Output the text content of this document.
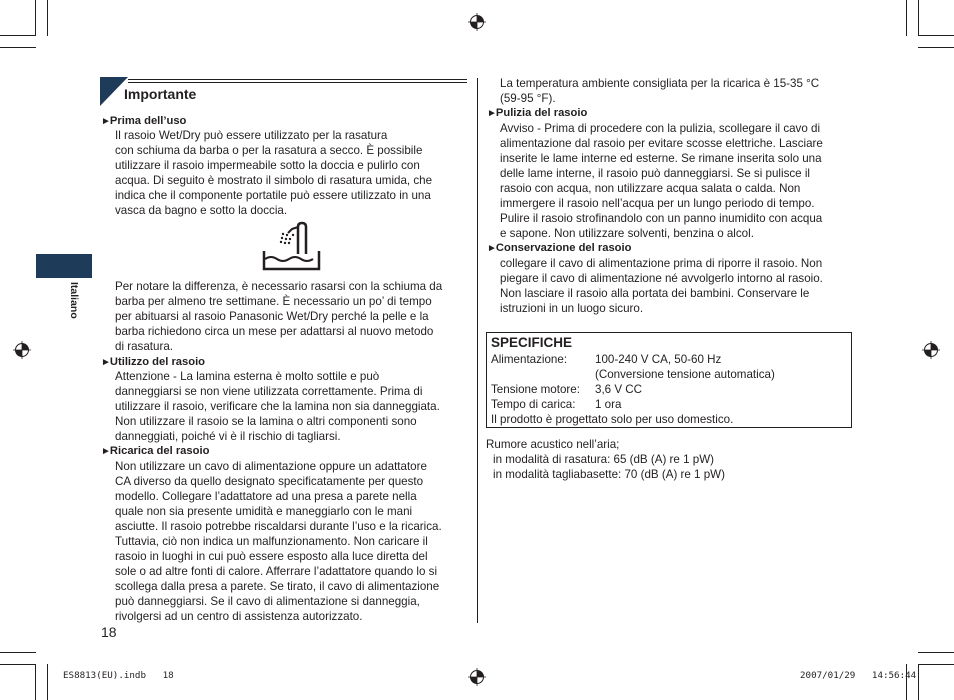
Italiano
Importante
►Prima dell’uso
Il rasoio Wet/Dry può essere utilizzato per la rasatura
con schiuma da barba o per la rasatura a secco. È possibile
utilizzare il rasoio impermeabile sotto la doccia e pulirlo con
acqua. Di seguito è mostrato il simbolo di rasatura umida, che
indica che il componente portatile può essere utilizzato in una
vasca da bagno e sotto la doccia.
Per notare la differenza, è necessario rasarsi con la schiuma da
barba per almeno tre settimane. È necessario un po’ di tempo
per abituarsi al rasoio Panasonic Wet/Dry perché la pelle e la
barba richiedono circa un mese per adattarsi al nuovo metodo
di rasatura.
►Utilizzo del rasoio
Attenzione - La lamina esterna è molto sottile e può
danneggiarsi se non viene utilizzata correttamente. Prima di
utilizzare il rasoio, verificare che la lamina non sia danneggiata.
Non utilizzare il rasoio se la lamina o altri componenti sono
danneggiati, poiché vi è il rischio di tagliarsi.
►Ricarica del rasoio
Non utilizzare un cavo di alimentazione oppure un adattatore
CA diverso da quello designato specificatamente per questo
modello. Collegare l’adattatore ad una presa a parete nella
quale non sia presente umidità e maneggiarlo con le mani
asciutte. Il rasoio potrebbe riscaldarsi durante l’uso e la ricarica.
Tuttavia, ciò non indica un malfunzionamento. Non caricare il
rasoio in luoghi in cui può essere esposto alla luce diretta del
sole o ad altre fonti di calore. Afferrare l’adattatore quando lo si
scollega dalla presa a parete. Se tirato, il cavo di alimentazione
può danneggiarsi. Se il cavo di alimentazione si danneggia,
rivolgersi ad un centro di assistenza autorizzato.
18
La temperatura ambiente consigliata per la ricarica è 15-35 °C
(59-95 °F).
►Pulizia del rasoio
Avviso - Prima di procedere con la pulizia, scollegare il cavo di
alimentazione dal rasoio per evitare scosse elettriche. Lasciare
inserite le lame interne ed esterne. Se rimane inserita solo una
delle lame interne, il rasoio può danneggiarsi. Se si pulisce il
rasoio con acqua, non utilizzare acqua salata o calda. Non
immergere il rasoio nell’acqua per un lungo periodo di tempo.
Pulire il rasoio strofinandolo con un panno inumidito con acqua
e sapone. Non utilizzare solventi, benzina o alcol.
►Conservazione del rasoio
collegare il cavo di alimentazione prima di riporre il rasoio. Non
piegare il cavo di alimentazione né avvolgerlo intorno al rasoio.
Non lasciare il rasoio alla portata dei bambini. Conservare le
istruzioni in un luogo sicuro.
SPECIFICHE
Alimentazione: 100-240 V CA, 50-60 Hz
(Conversione tensione automatica)
Tensione motore: 3,6 V CC
Tempo di carica: 1 ora
Il prodotto è progettato solo per uso domestico.
Rumore acustico nell’aria;
in modalità di rasatura: 65 (dB (A) re 1 pW)
in modalità tagliabasette: 70 (dB (A) re 1 pW)
ES8813(EU).indb   18	2007/01/29   14:56:44
